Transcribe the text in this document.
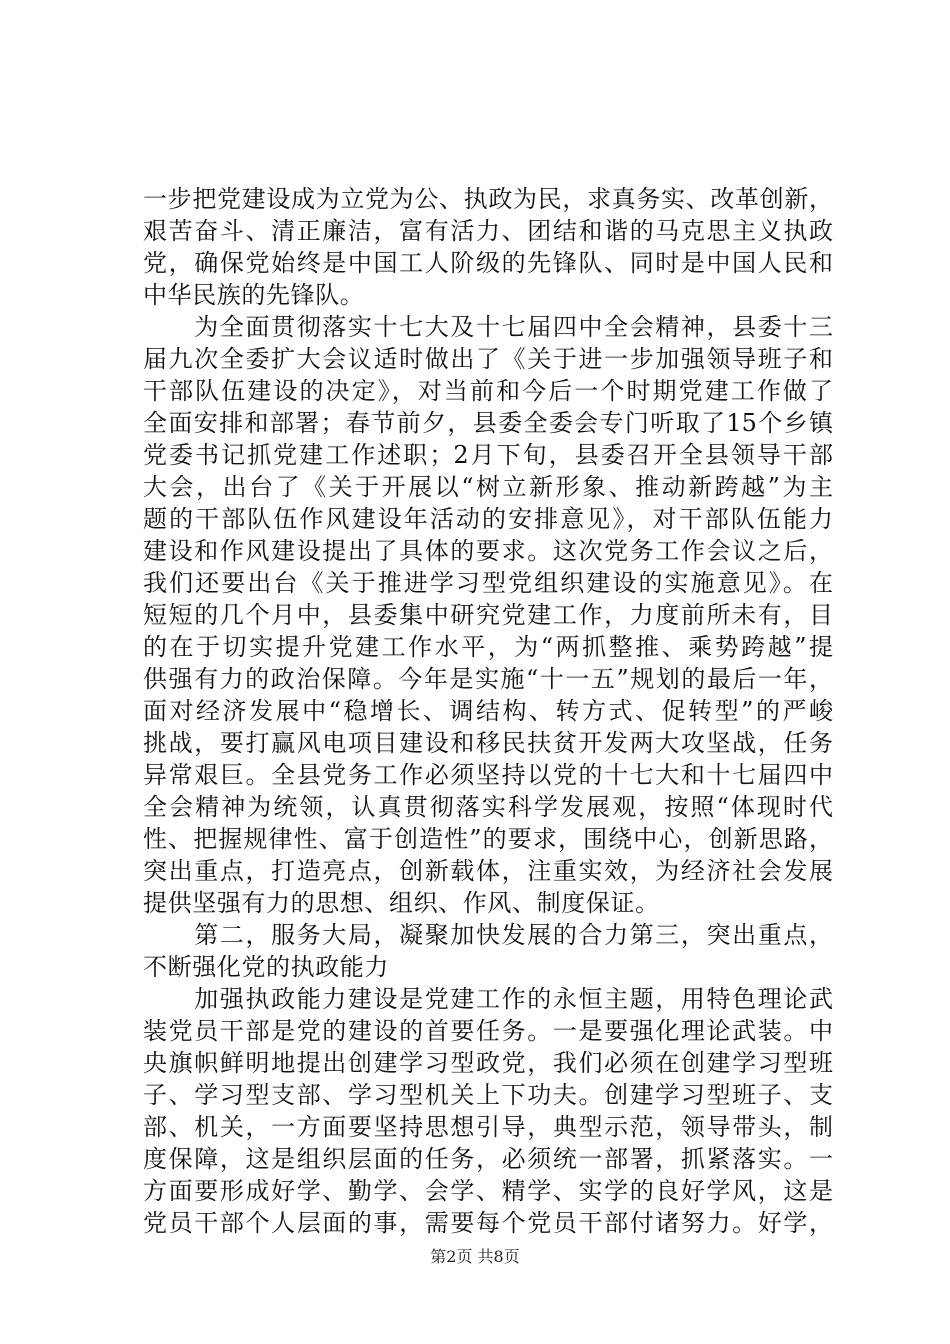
一步把党建设成为立党为公、执政为民，求真务实、改革创新，
艰苦奋斗、清正廉洁，富有活力、团结和谐的马克思主义执政
党，确保党始终是中国工人阶级的先锋队、同时是中国人民和
中华民族的先锋队。
　　为全面贯彻落实十七大及十七届四中全会精神，县委十三
届九次全委扩大会议适时做出了《关于进一步加强领导班子和
干部队伍建设的决定》，对当前和今后一个时期党建工作做了
全面安排和部署；春节前夕，县委全委会专门听取了15个乡镇
党委书记抓党建工作述职；2月下旬，县委召开全县领导干部
大会，出台了《关于开展以“树立新形象、推动新跨越”为主
题的干部队伍作风建设年活动的安排意见》，对干部队伍能力
建设和作风建设提出了具体的要求。这次党务工作会议之后，
我们还要出台《关于推进学习型党组织建设的实施意见》。在
短短的几个月中，县委集中研究党建工作，力度前所未有，目
的在于切实提升党建工作水平，为“两抓整推、乘势跨越”提
供强有力的政治保障。今年是实施“十一五”规划的最后一年，
面对经济发展中“稳增长、调结构、转方式、促转型”的严峻
挑战，要打赢风电项目建设和移民扶贫开发两大攻坚战，任务
异常艰巨。全县党务工作必须坚持以党的十七大和十七届四中
全会精神为统领，认真贯彻落实科学发展观，按照“体现时代
性、把握规律性、富于创造性”的要求，围绕中心，创新思路，
突出重点，打造亮点，创新载体，注重实效，为经济社会发展
提供坚强有力的思想、组织、作风、制度保证。
　　第二，服务大局，凝聚加快发展的合力第三，突出重点，
不断强化党的执政能力
　　加强执政能力建设是党建工作的永恒主题，用特色理论武
装党员干部是党的建设的首要任务。一是要强化理论武装。中
央旗帜鲜明地提出创建学习型政党，我们必须在创建学习型班
子、学习型支部、学习型机关上下功夫。创建学习型班子、支
部、机关，一方面要坚持思想引导，典型示范，领导带头，制
度保障，这是组织层面的任务，必须统一部署，抓紧落实。一
方面要形成好学、勤学、会学、精学、实学的良好学风，这是
党员干部个人层面的事，需要每个党员干部付诸努力。好学，
第2页 共8页
